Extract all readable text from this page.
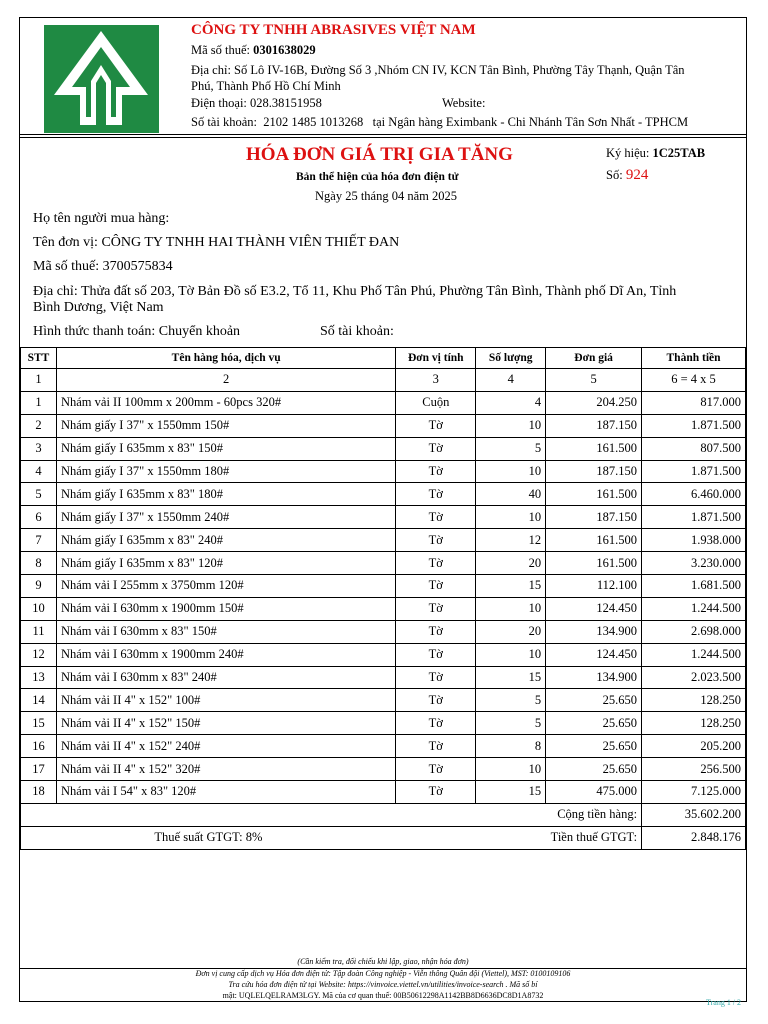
CÔNG TY TNHH ABRASIVES VIỆT NAM
Mã số thuế: 0301638029
Địa chỉ: Số Lô IV-16B, Đường Số 3 ,Nhóm CN IV, KCN Tân Bình, Phường Tây Thạnh, Quận Tân
Phú, Thành Phố Hồ Chí Minh
Điện thoại: 028.38151958	Website:
Số tài khoản: 2102 1485 1013268 tại Ngân hàng Eximbank - Chi Nhánh Tân Sơn Nhất - TPHCM
HÓA ĐƠN GIÁ TRỊ GIA TĂNG
Bản thể hiện của hóa đơn điện tử
Ngày 25 tháng 04 năm 2025
Ký hiệu: 1C25TAB
Số: 924
Họ tên người mua hàng:
Tên đơn vị: CÔNG TY TNHH HAI THÀNH VIÊN THIẾT ĐAN
Mã số thuế: 3700575834
Địa chỉ: Thửa đất số 203, Tờ Bản Đồ số E3.2, Tổ 11, Khu Phố Tân Phú, Phường Tân Bình, Thành phố Dĩ An, Tỉnh
Bình Dương, Việt Nam
Hình thức thanh toán: Chuyển khoản	Số tài khoản:
STT	Tên hàng hóa, dịch vụ	Đơn vị tính	Số lượng	Đơn giá	Thành tiền
1	2	3	4	5	6 = 4 x 5
1	Nhám vải II 100mm x 200mm - 60pcs 320#	Cuộn	4	204.250	817.000
2	Nhám giấy I 37" x 1550mm 150#	Tờ	10	187.150	1.871.500
3	Nhám giấy I 635mm x 83" 150#	Tờ	5	161.500	807.500
4	Nhám giấy I 37" x 1550mm 180#	Tờ	10	187.150	1.871.500
5	Nhám giấy I 635mm x 83" 180#	Tờ	40	161.500	6.460.000
6	Nhám giấy I 37" x 1550mm 240#	Tờ	10	187.150	1.871.500
7	Nhám giấy I 635mm x 83" 240#	Tờ	12	161.500	1.938.000
8	Nhám giấy I 635mm x 83" 120#	Tờ	20	161.500	3.230.000
9	Nhám vải I 255mm x 3750mm 120#	Tờ	15	112.100	1.681.500
10	Nhám vải I 630mm x 1900mm 150#	Tờ	10	124.450	1.244.500
11	Nhám vải I 630mm x 83" 150#	Tờ	20	134.900	2.698.000
12	Nhám vải I 630mm x 1900mm 240#	Tờ	10	124.450	1.244.500
13	Nhám vải I 630mm x 83" 240#	Tờ	15	134.900	2.023.500
14	Nhám vải II 4" x 152" 100#	Tờ	5	25.650	128.250
15	Nhám vải II 4" x 152" 150#	Tờ	5	25.650	128.250
16	Nhám vải II 4" x 152" 240#	Tờ	8	25.650	205.200
17	Nhám vải II 4" x 152" 320#	Tờ	10	25.650	256.500
18	Nhám vải I 54" x 83" 120#	Tờ	15	475.000	7.125.000
Cộng tiền hàng:					35.602.200
Thuế suất GTGT: 8%		Tiền thuế GTGT:			2.848.176
(Cần kiểm tra, đối chiếu khi lập, giao, nhận hóa đơn)
Đơn vị cung cấp dịch vụ Hóa đơn điện tử: Tập đoàn Công nghiệp - Viễn thông Quân đội (Viettel), MST: 0100109106
Tra cứu hóa đơn điện tử tại Website: https://vinvoice.viettel.vn/utilities/invoice-search . Mã số bí
mật: UQLELQELRAM3LGY. Mã của cơ quan thuế: 00B50612298A1142BB8D6636DC8D1A8732
Trang 1 / 2
